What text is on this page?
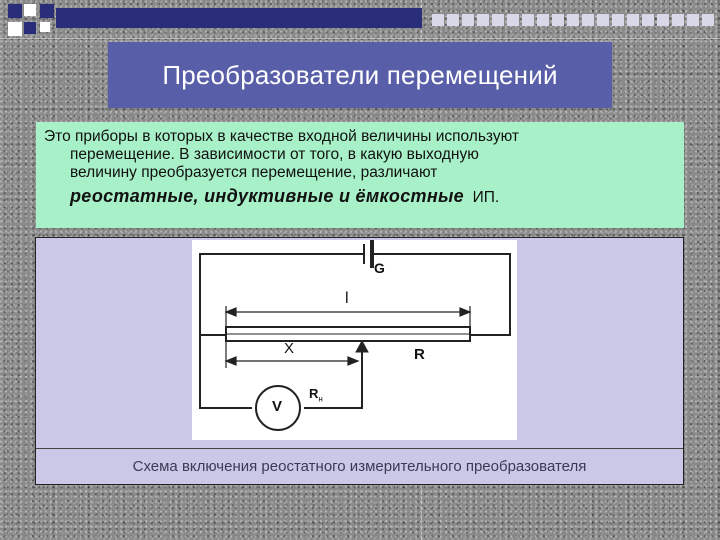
Преобразователи перемещений
Это приборы в которых в качестве входной величины используют
перемещение. В зависимости от того, в какую выходную
величину преобразуется перемещение, различают
реостатные, индуктивные и ёмкостные ИП.
G
l
X	R
V
$R_н$
Схема включения реостатного измерительного преобразователя
